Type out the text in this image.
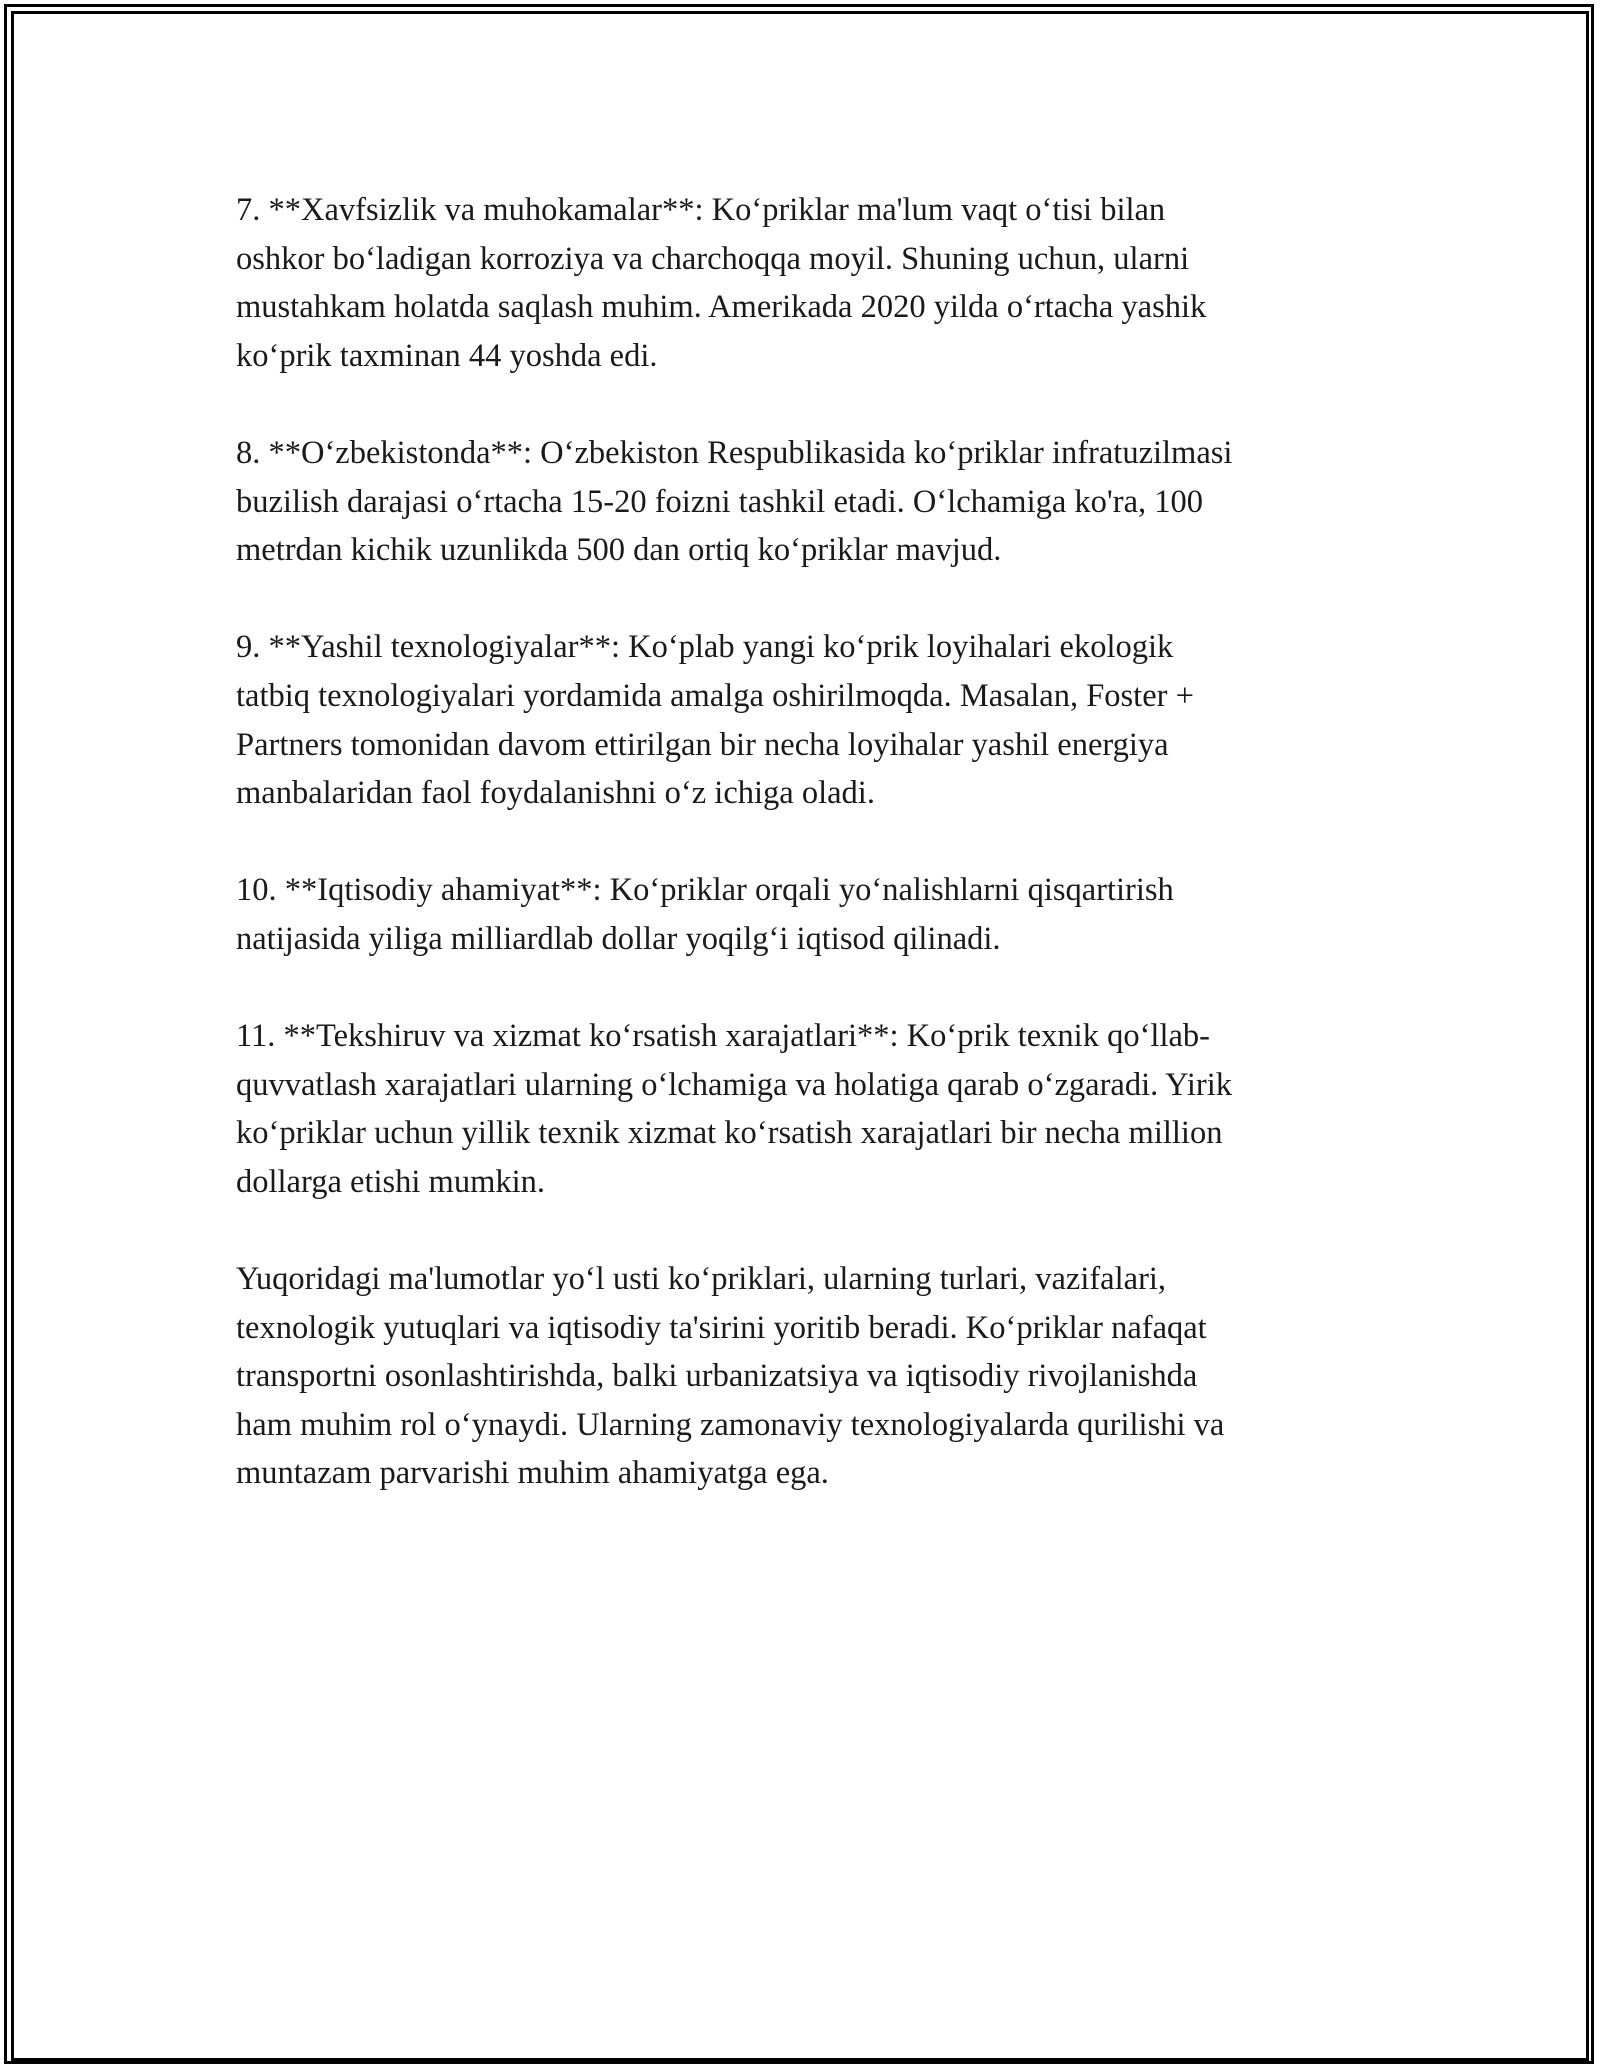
7. **Xavfsizlik va muhokamalar**: Ko‘priklar ma'lum vaqt o‘tisi bilan
oshkor bo‘ladigan korroziya va charchoqqa moyil. Shuning uchun, ularni
mustahkam holatda saqlash muhim. Amerikada 2020 yilda o‘rtacha yashik
ko‘prik taxminan 44 yoshda edi.

8. **O‘zbekistonda**: O‘zbekiston Respublikasida ko‘priklar infratuzilmasi
buzilish darajasi o‘rtacha 15-20 foizni tashkil etadi. O‘lchamiga ko'ra, 100
metrdan kichik uzunlikda 500 dan ortiq ko‘priklar mavjud.

9. **Yashil texnologiyalar**: Ko‘plab yangi ko‘prik loyihalari ekologik
tatbiq texnologiyalari yordamida amalga oshirilmoqda. Masalan, Foster +
Partners tomonidan davom ettirilgan bir necha loyihalar yashil energiya
manbalaridan faol foydalanishni o‘z ichiga oladi.

10. **Iqtisodiy ahamiyat**: Ko‘priklar orqali yo‘nalishlarni qisqartirish
natijasida yiliga milliardlab dollar yoqilg‘i iqtisod qilinadi.

11. **Tekshiruv va xizmat ko‘rsatish xarajatlari**: Ko‘prik texnik qo‘llab-
quvvatlash xarajatlari ularning o‘lchamiga va holatiga qarab o‘zgaradi. Yirik
ko‘priklar uchun yillik texnik xizmat ko‘rsatish xarajatlari bir necha million
dollarga etishi mumkin.

Yuqoridagi ma'lumotlar yo‘l usti ko‘priklari, ularning turlari, vazifalari,
texnologik yutuqlari va iqtisodiy ta'sirini yoritib beradi. Ko‘priklar nafaqat
transportni osonlashtirishda, balki urbanizatsiya va iqtisodiy rivojlanishda
ham muhim rol o‘ynaydi. Ularning zamonaviy texnologiyalarda qurilishi va
muntazam parvarishi muhim ahamiyatga ega.
